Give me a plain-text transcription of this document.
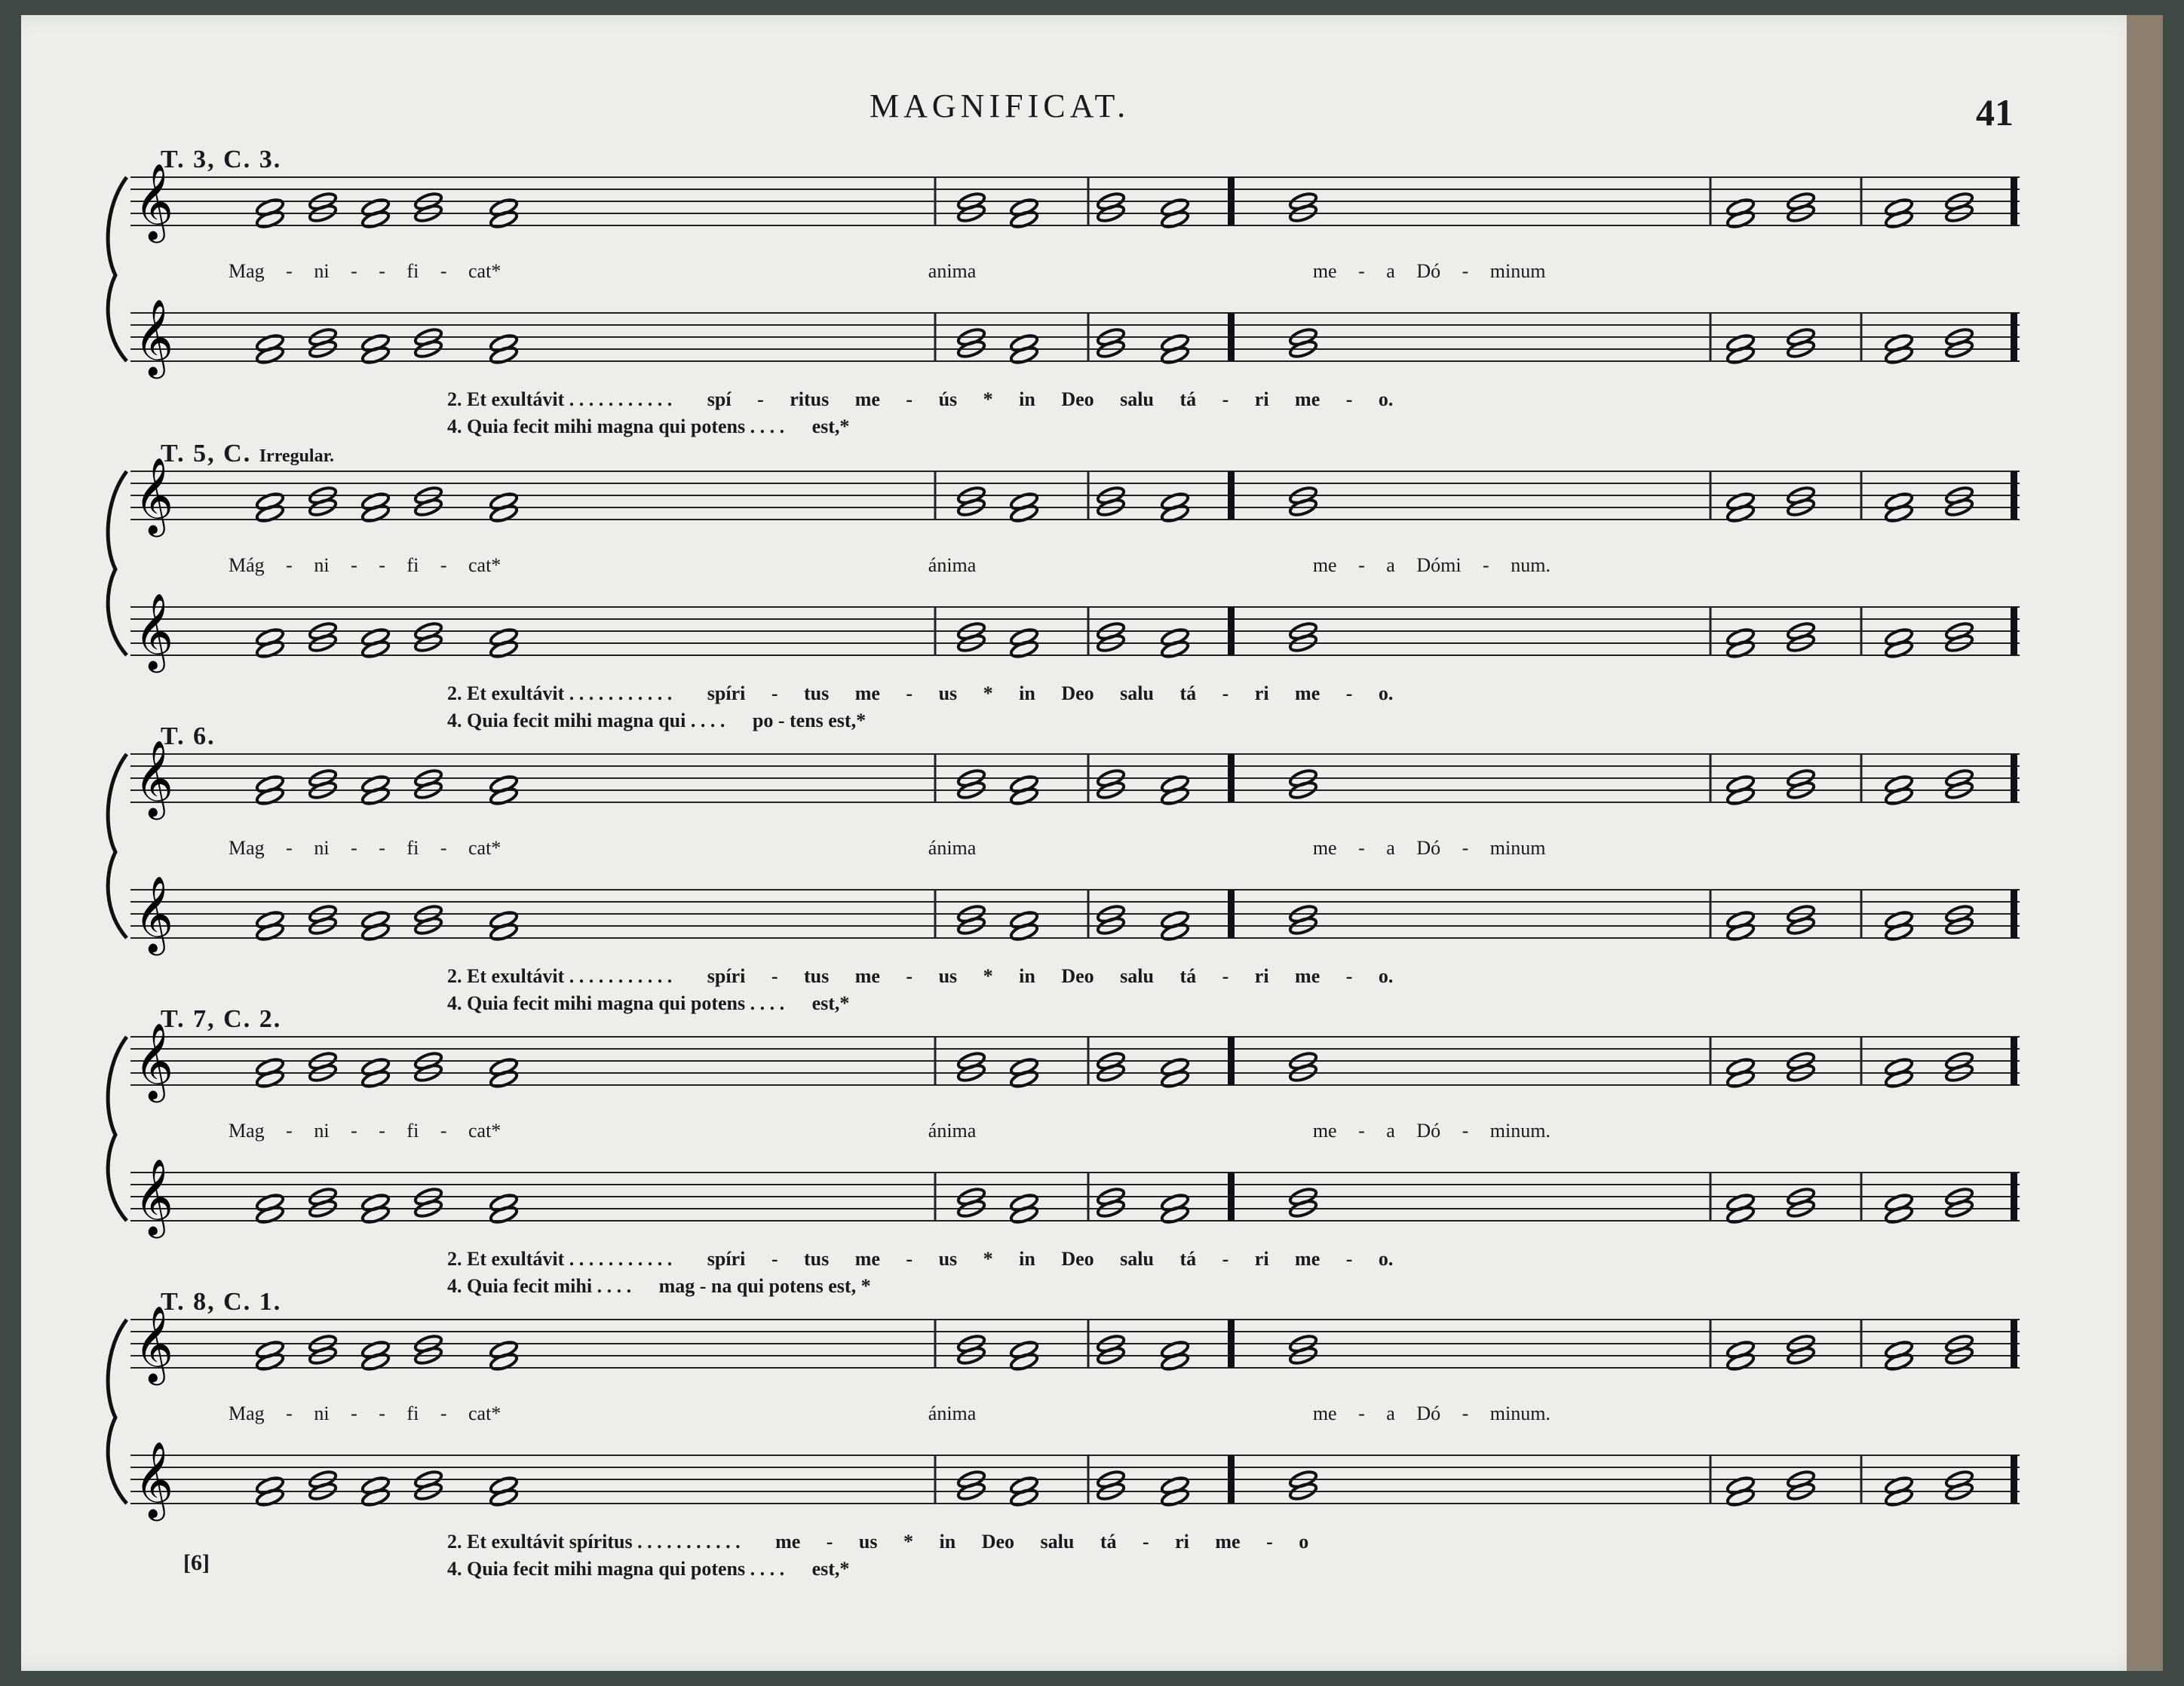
MAGNIFICAT.	41
T. 3, C. 3.
𝄞
𝄞
Mag - ni - - fi - cat*	anima	me - a Dó - minum
2. Et exultávit . . . . . . . . . . . spí - ritus me - ús * in Deo salu tá - ri me - o.
4. Quia fecit mihi magna qui potens . . . . est,*
T. 5, C. Irregular.
𝄞
𝄞
Mág - ni - - fi - cat*	ánima	me - a Dómi - num.
2. Et exultávit . . . . . . . . . . . spíri - tus me - us * in Deo salu tá - ri me - o.
4. Quia fecit mihi magna qui . . . . po - tens est,*
T. 6.
𝄞
𝄞
Mag - ni - - fi - cat*	ánima	me - a Dó - minum
2. Et exultávit . . . . . . . . . . . spíri - tus me - us * in Deo salu tá - ri me - o.
4. Quia fecit mihi magna qui potens . . . . est,*
T. 7, C. 2.
𝄞
𝄞
Mag - ni - - fi - cat*	ánima	me - a Dó - minum.
2. Et exultávit . . . . . . . . . . . spíri - tus me - us * in Deo salu tá - ri me - o.
4. Quia fecit mihi . . . . mag - na qui potens est, *
T. 8, C. 1.
𝄞
𝄞
Mag - ni - - fi - cat*	ánima	me - a Dó - minum.
2. Et exultávit spíritus . . . . . . . . . . . me - us * in Deo salu tá - ri me - o
4. Quia fecit mihi magna qui potens . . . . est,*
[6]
